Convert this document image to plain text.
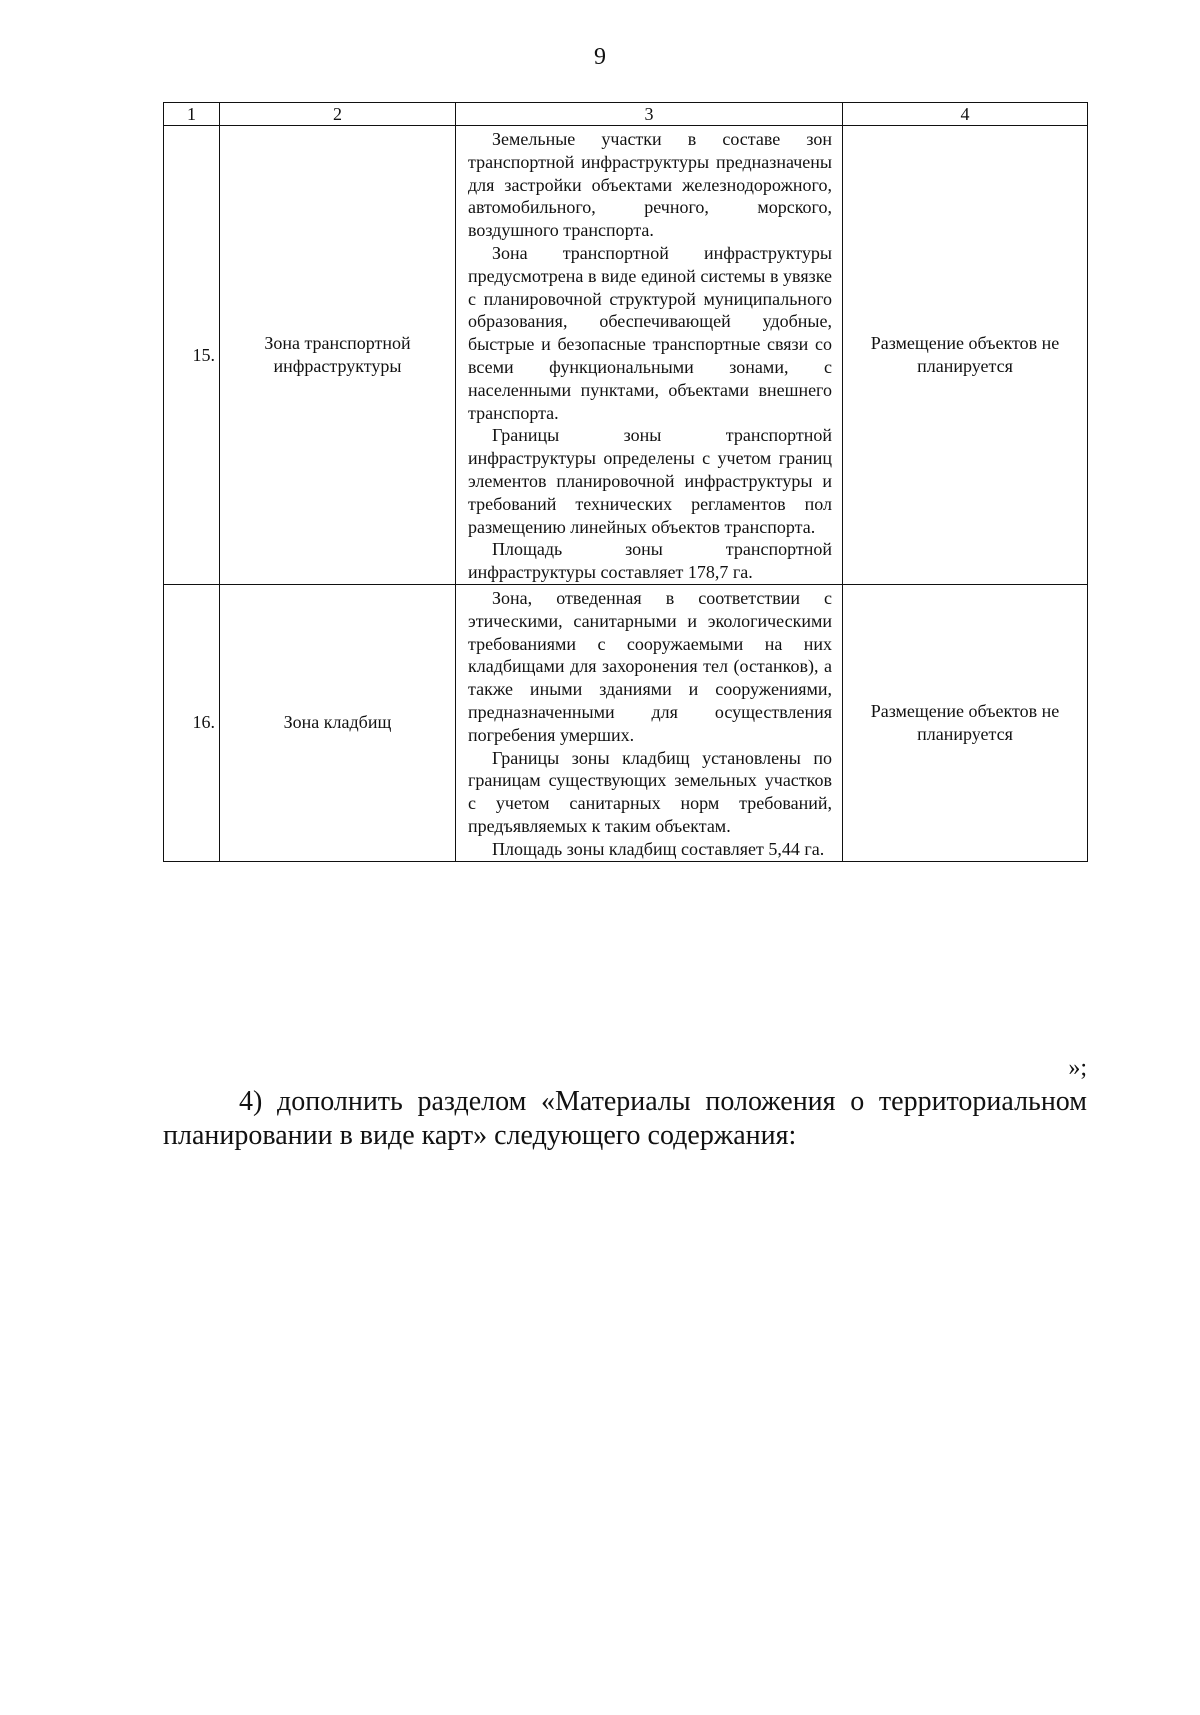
9
1	2	3	4
15.	Зона транспортной инфраструктуры	Земельные участки в составе зон транспортной инфраструктуры предназначены для застройки объектами железнодорожного, автомобильного, речного, морского, воздушного транспорта.

Зона транспортной инфраструктуры предусмотрена в виде единой системы в увязке с планировочной структурой муниципального образования, обеспечивающей удобные, быстрые и безопасные транспортные связи со всеми функциональными зонами, с населенными пунктами, объектами внешнего транспорта.

Границы зоны транспортной инфраструктуры определены с учетом границ элементов планировочной инфраструктуры и требований технических регламентов пол размещению линейных объектов транспорта.

Площадь зоны транспортной инфраструктуры составляет 178,7 га.	Размещение объектов не планируется
16.	Зона кладбищ	Зона, отведенная в соответствии с этическими, санитарными и экологическими требованиями с сооружаемыми на них кладбищами для захоронения тел (останков), а также иными зданиями и сооружениями, предназначенными для осуществления погребения умерших.

Границы зоны кладбищ установлены по границам существующих земельных участков с учетом санитарных норм требований, предъявляемых к таким объектам.

Площадь зоны кладбищ составляет 5,44 га.	Размещение объектов не планируется
»;

4) дополнить разделом «Материалы положения о территориальном планировании в виде карт» следующего содержания:
